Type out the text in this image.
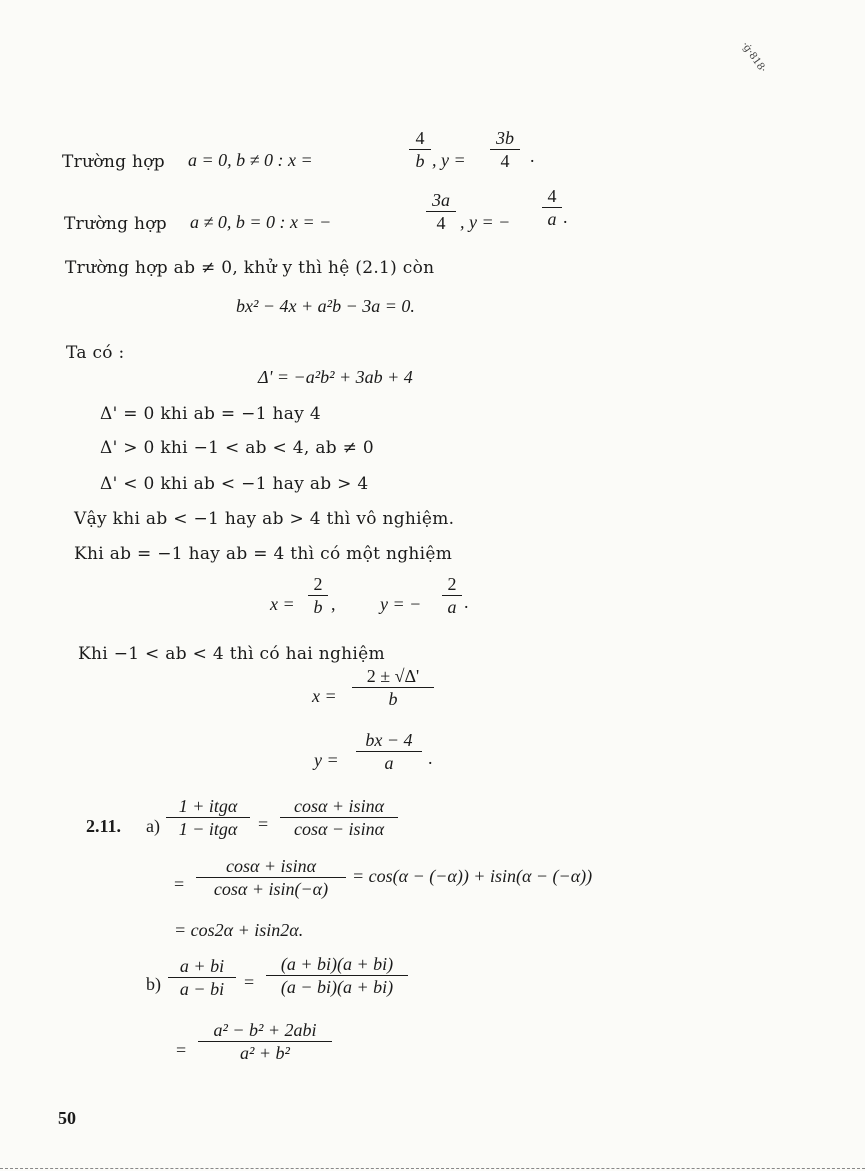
·ġ·818·
Trường hợp a = 0, b ≠ 0 : x =
4
b , y =
3b
4	.
Trường hợp a ≠ 0, b = 0 : x = −
3a
4 , y = −
4
a .
Trường hợp ab ≠ 0, khử y thì hệ (2.1) còn
bx² − 4x + a²b − 3a = 0.
Ta có :
Δ' = −a²b² + 3ab + 4
Δ' = 0 khi ab = −1 hay 4
Δ' > 0 khi −1 < ab < 4, ab ≠ 0
Δ' < 0 khi ab < −1 hay ab > 4
Vậy khi ab < −1 hay ab > 4 thì vô nghiệm.
Khi ab = −1 hay ab = 4 thì có một nghiệm
x =
2
b , y = −
2
a .
Khi −1 < ab < 4 thì có hai nghiệm
x =
2 ± √Δ'
b
y =
bx − 4
a	.
2.11. a)
1 + itgα
1 − itgα	=
cosα + isinα
cosα − isinα
=
cosα + isinα
cosα + isin(−α)
= cos(α − (−α)) + isin(α − (−α))
= cos2α + isin2α.
b)
a + bi
a − bi	=
(a + bi)(a + bi)
(a − bi)(a + bi)
=
a² − b² + 2abi
a² + b²
50
